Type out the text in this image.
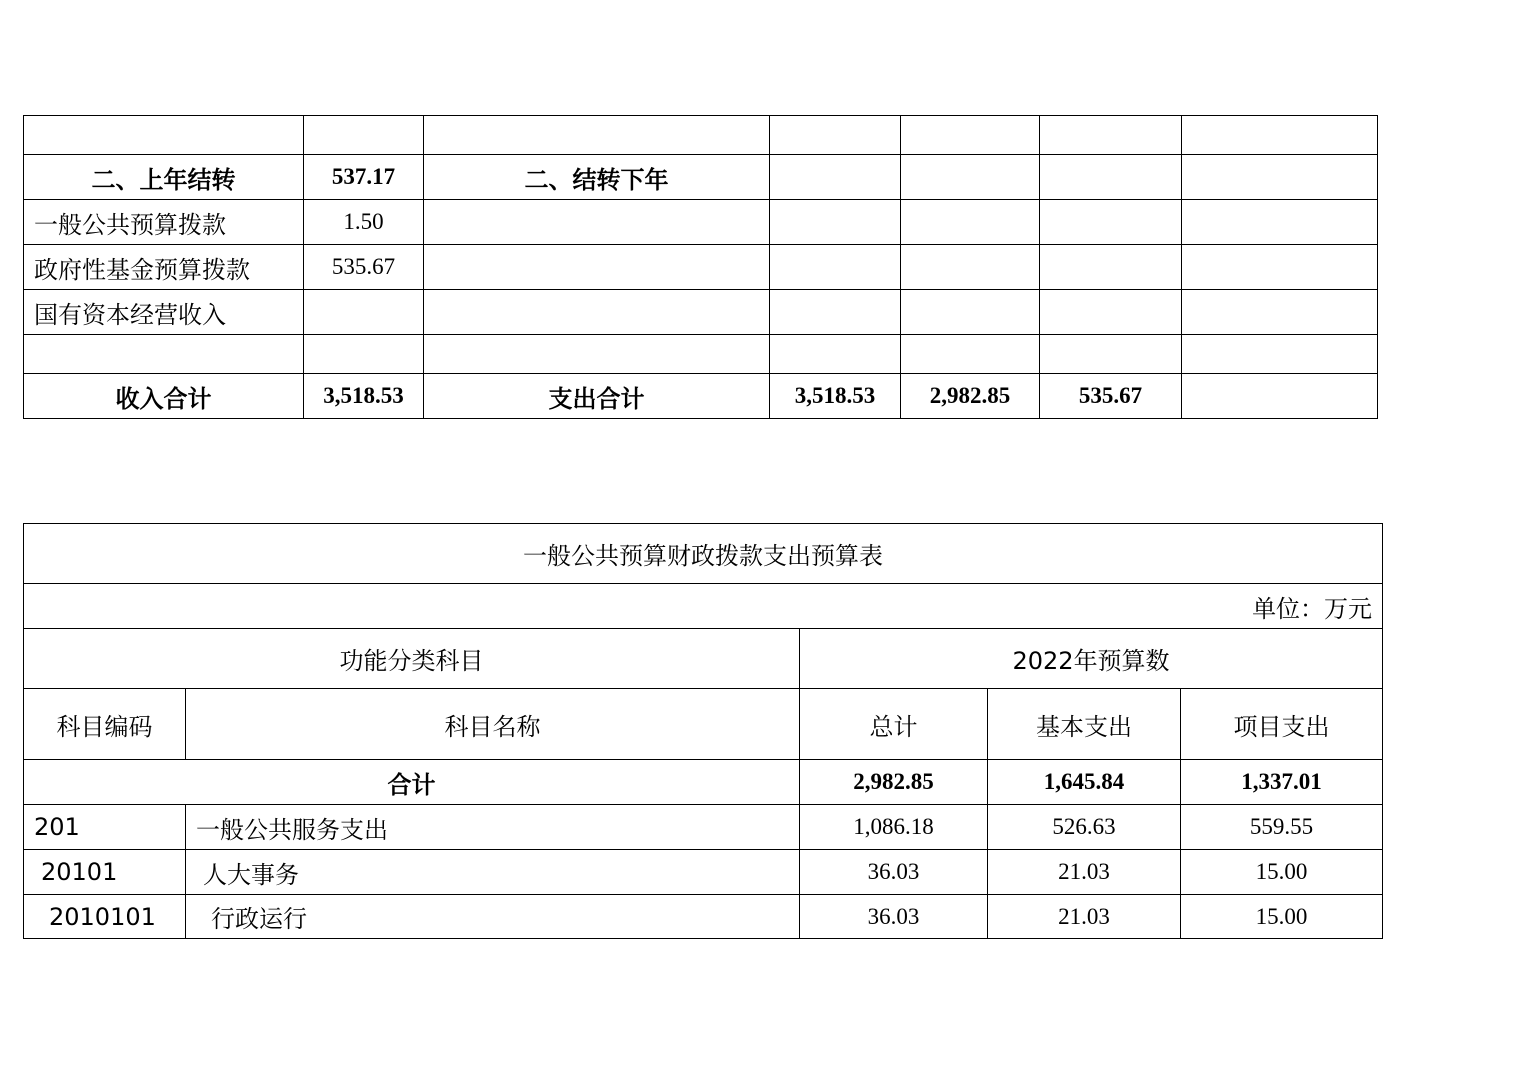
二、上年结转	537.17	二、结转下年				
一般公共预算拨款	1.50					
政府性基金预算拨款	535.67					
国有资本经营收入						

收入合计	3,518.53	支出合计	3,518.53	2,982.85	535.67	
一般公共预算财政拨款支出预算表				
单位：万元				
功能分类科目		2022年预算数		
科目编码	科目名称	总计	基本支出	项目支出
合计		2,982.85	1,645.84	1,337.01
201	一般公共服务支出	1,086.18	526.63	559.55
20101	人大事务	36.03	21.03	15.00
2010101	行政运行	36.03	21.03	15.00
